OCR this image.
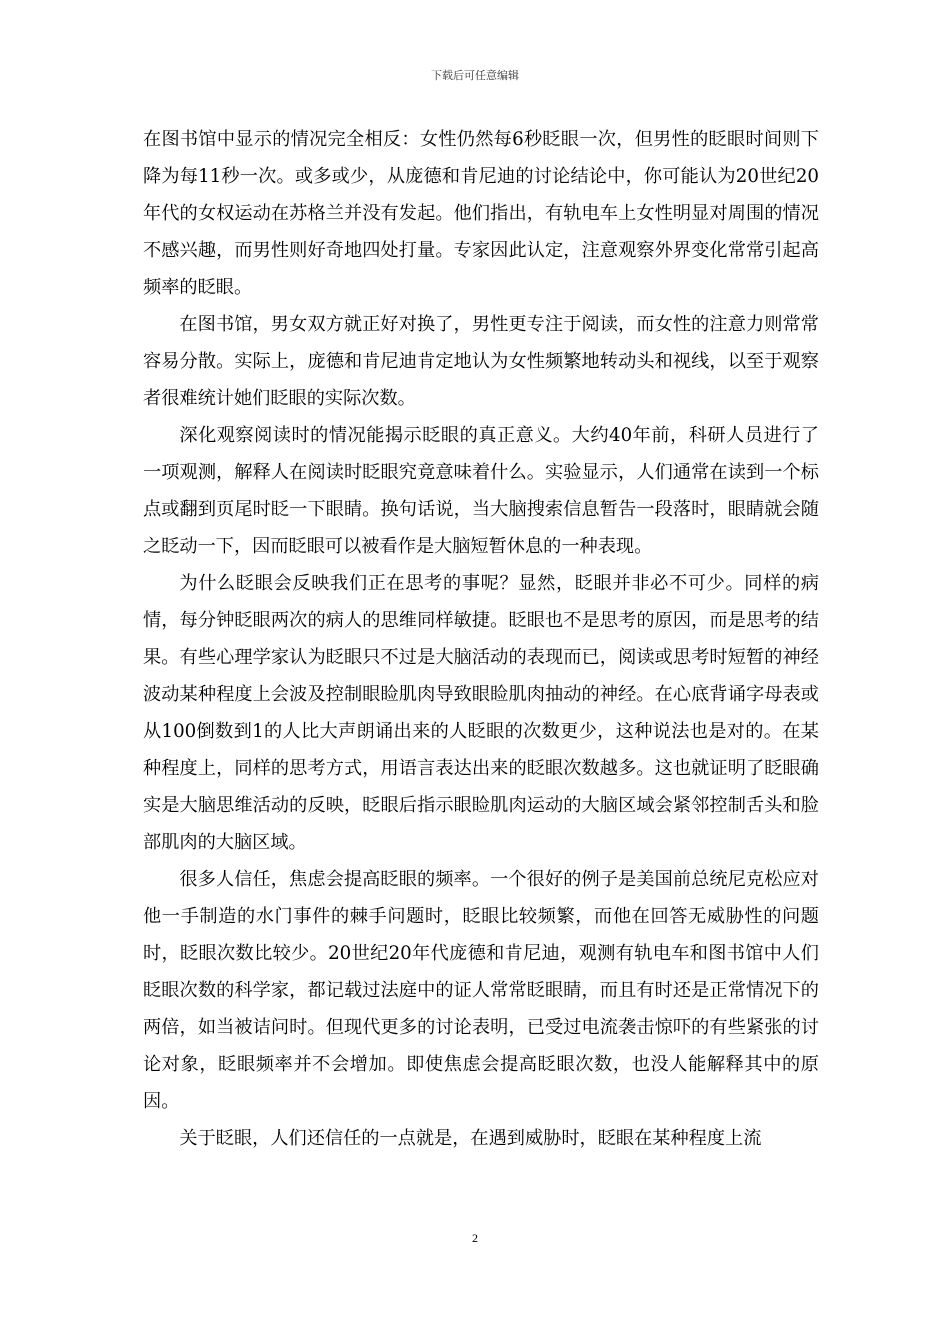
下载后可任意编辑

在图书馆中显示的情况完全相反：女性仍然每6秒眨眼一次，但男性的眨眼时间则下降为每11秒一次。或多或少，从庞德和肯尼迪的讨论结论中，你可能认为20世纪20年代的女权运动在苏格兰并没有发起。他们指出，有轨电车上女性明显对周围的情况不感兴趣，而男性则好奇地四处打量。专家因此认定，注意观察外界变化常常引起高频率的眨眼。

在图书馆，男女双方就正好对换了，男性更专注于阅读，而女性的注意力则常常容易分散。实际上，庞德和肯尼迪肯定地认为女性频繁地转动头和视线，以至于观察者很难统计她们眨眼的实际次数。

深化观察阅读时的情况能揭示眨眼的真正意义。大约40年前，科研人员进行了一项观测，解释人在阅读时眨眼究竟意味着什么。实验显示，人们通常在读到一个标点或翻到页尾时眨一下眼睛。换句话说，当大脑搜索信息暂告一段落时，眼睛就会随之眨动一下，因而眨眼可以被看作是大脑短暂休息的一种表现。

为什么眨眼会反映我们正在思考的事呢？显然，眨眼并非必不可少。同样的病情，每分钟眨眼两次的病人的思维同样敏捷。眨眼也不是思考的原因，而是思考的结果。有些心理学家认为眨眼只不过是大脑活动的表现而已，阅读或思考时短暂的神经波动某种程度上会波及控制眼睑肌肉导致眼睑肌肉抽动的神经。在心底背诵字母表或从100倒数到1的人比大声朗诵出来的人眨眼的次数更少，这种说法也是对的。在某种程度上，同样的思考方式，用语言表达出来的眨眼次数越多。这也就证明了眨眼确实是大脑思维活动的反映，眨眼后指示眼睑肌肉运动的大脑区域会紧邻控制舌头和脸部肌肉的大脑区域。

很多人信任，焦虑会提高眨眼的频率。一个很好的例子是美国前总统尼克松应对他一手制造的水门事件的棘手问题时，眨眼比较频繁，而他在回答无威胁性的问题时，眨眼次数比较少。20世纪20年代庞德和肯尼迪，观测有轨电车和图书馆中人们眨眼次数的科学家，都记载过法庭中的证人常常眨眼睛，而且有时还是正常情况下的两倍，如当被诘问时。但现代更多的讨论表明，已受过电流袭击惊吓的有些紧张的讨论对象，眨眼频率并不会增加。即使焦虑会提高眨眼次数，也没人能解释其中的原因。

关于眨眼，人们还信任的一点就是，在遇到威胁时，眨眼在某种程度上流

2
